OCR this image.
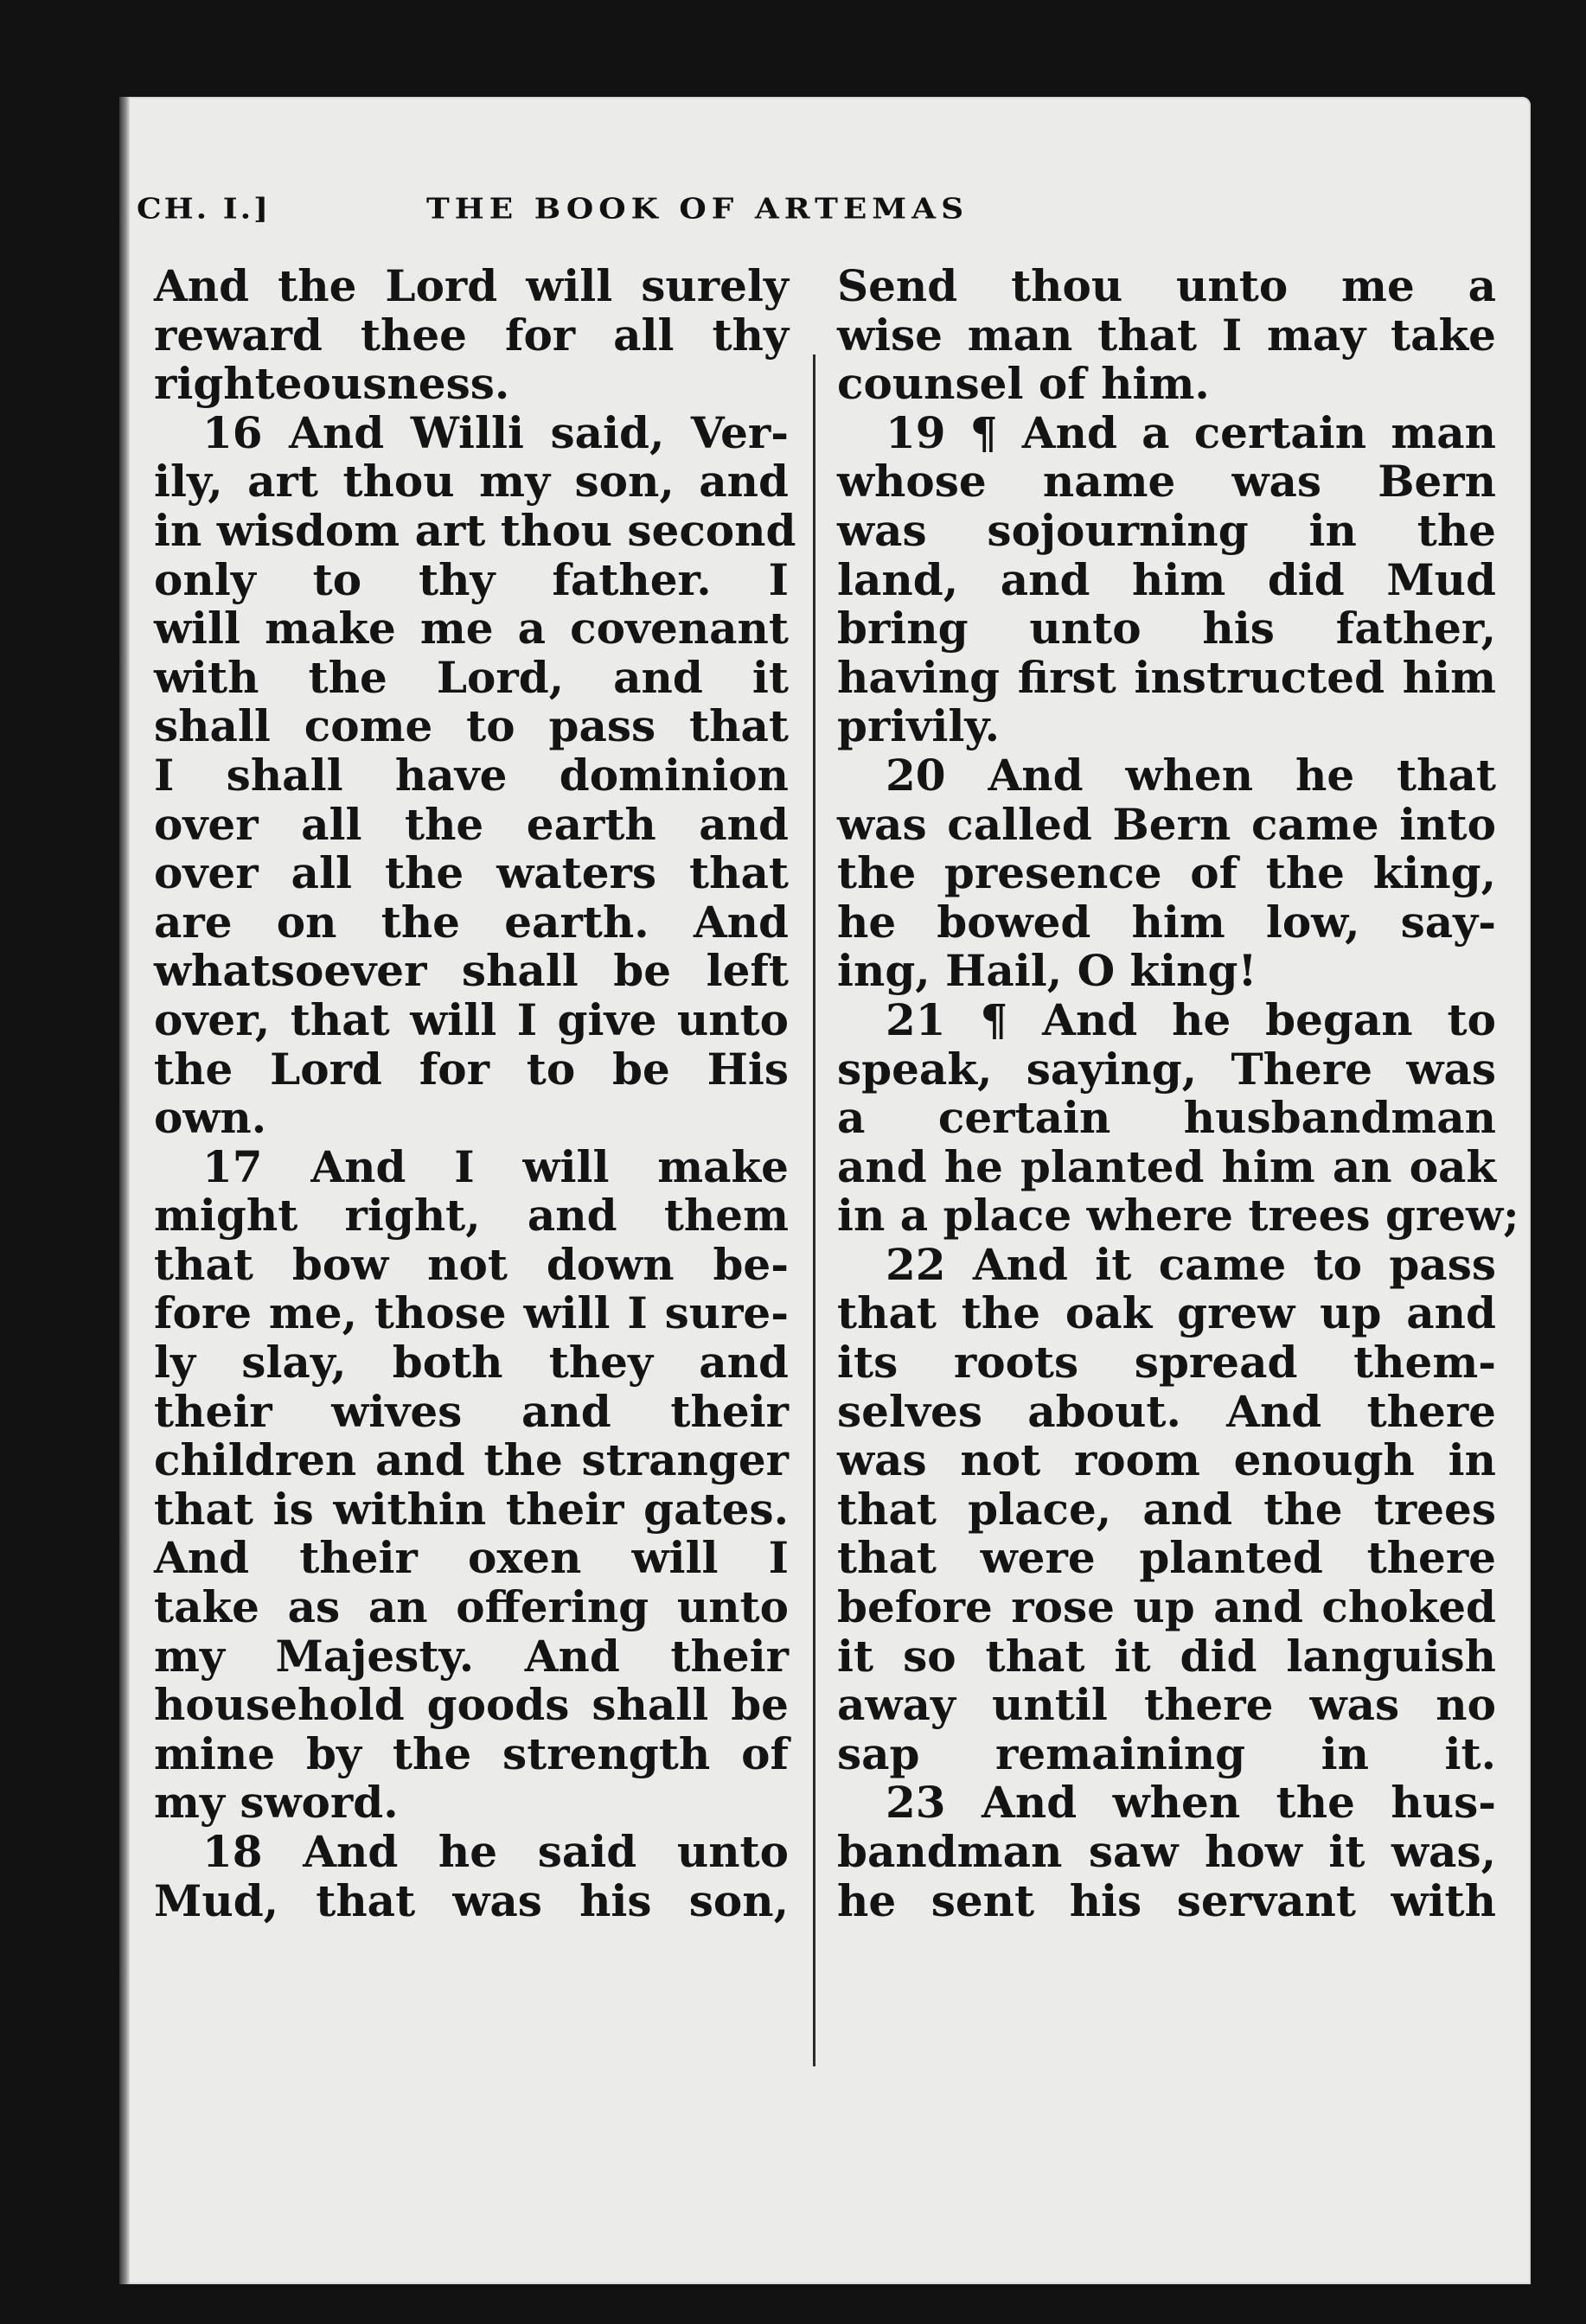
CH. I.]	THE BOOK OF ARTEMAS
And the Lord will surely
reward thee for all thy
righteousness.
16 And Willi said, Ver-
ily, art thou my son, and
in wisdom art thou second
only to thy father. I
will make me a covenant
with the Lord, and it
shall come to pass that
I shall have dominion
over all the earth and
over all the waters that
are on the earth. And
whatsoever shall be left
over, that will I give unto
the Lord for to be His
own.
17 And I will make
might right, and them
that bow not down be-
fore me, those will I sure-
ly slay, both they and
their wives and their
children and the stranger
that is within their gates.
And their oxen will I
take as an offering unto
my Majesty. And their
household goods shall be
mine by the strength of
my sword.
18 And he said unto
Mud, that was his son,
Send thou unto me a
wise man that I may take
counsel of him.
19 ¶ And a certain man
whose name was Bern
was sojourning in the
land, and him did Mud
bring unto his father,
having first instructed him
privily.
20 And when he that
was called Bern came into
the presence of the king,
he bowed him low, say-
ing, Hail, O king!
21 ¶ And he began to
speak, saying, There was
a certain husbandman
and he planted him an oak
in a place where trees grew;
22 And it came to pass
that the oak grew up and
its roots spread them-
selves about. And there
was not room enough in
that place, and the trees
that were planted there
before rose up and choked
it so that it did languish
away until there was no
sap remaining in it.
23 And when the hus-
bandman saw how it was,
he sent his servant with
